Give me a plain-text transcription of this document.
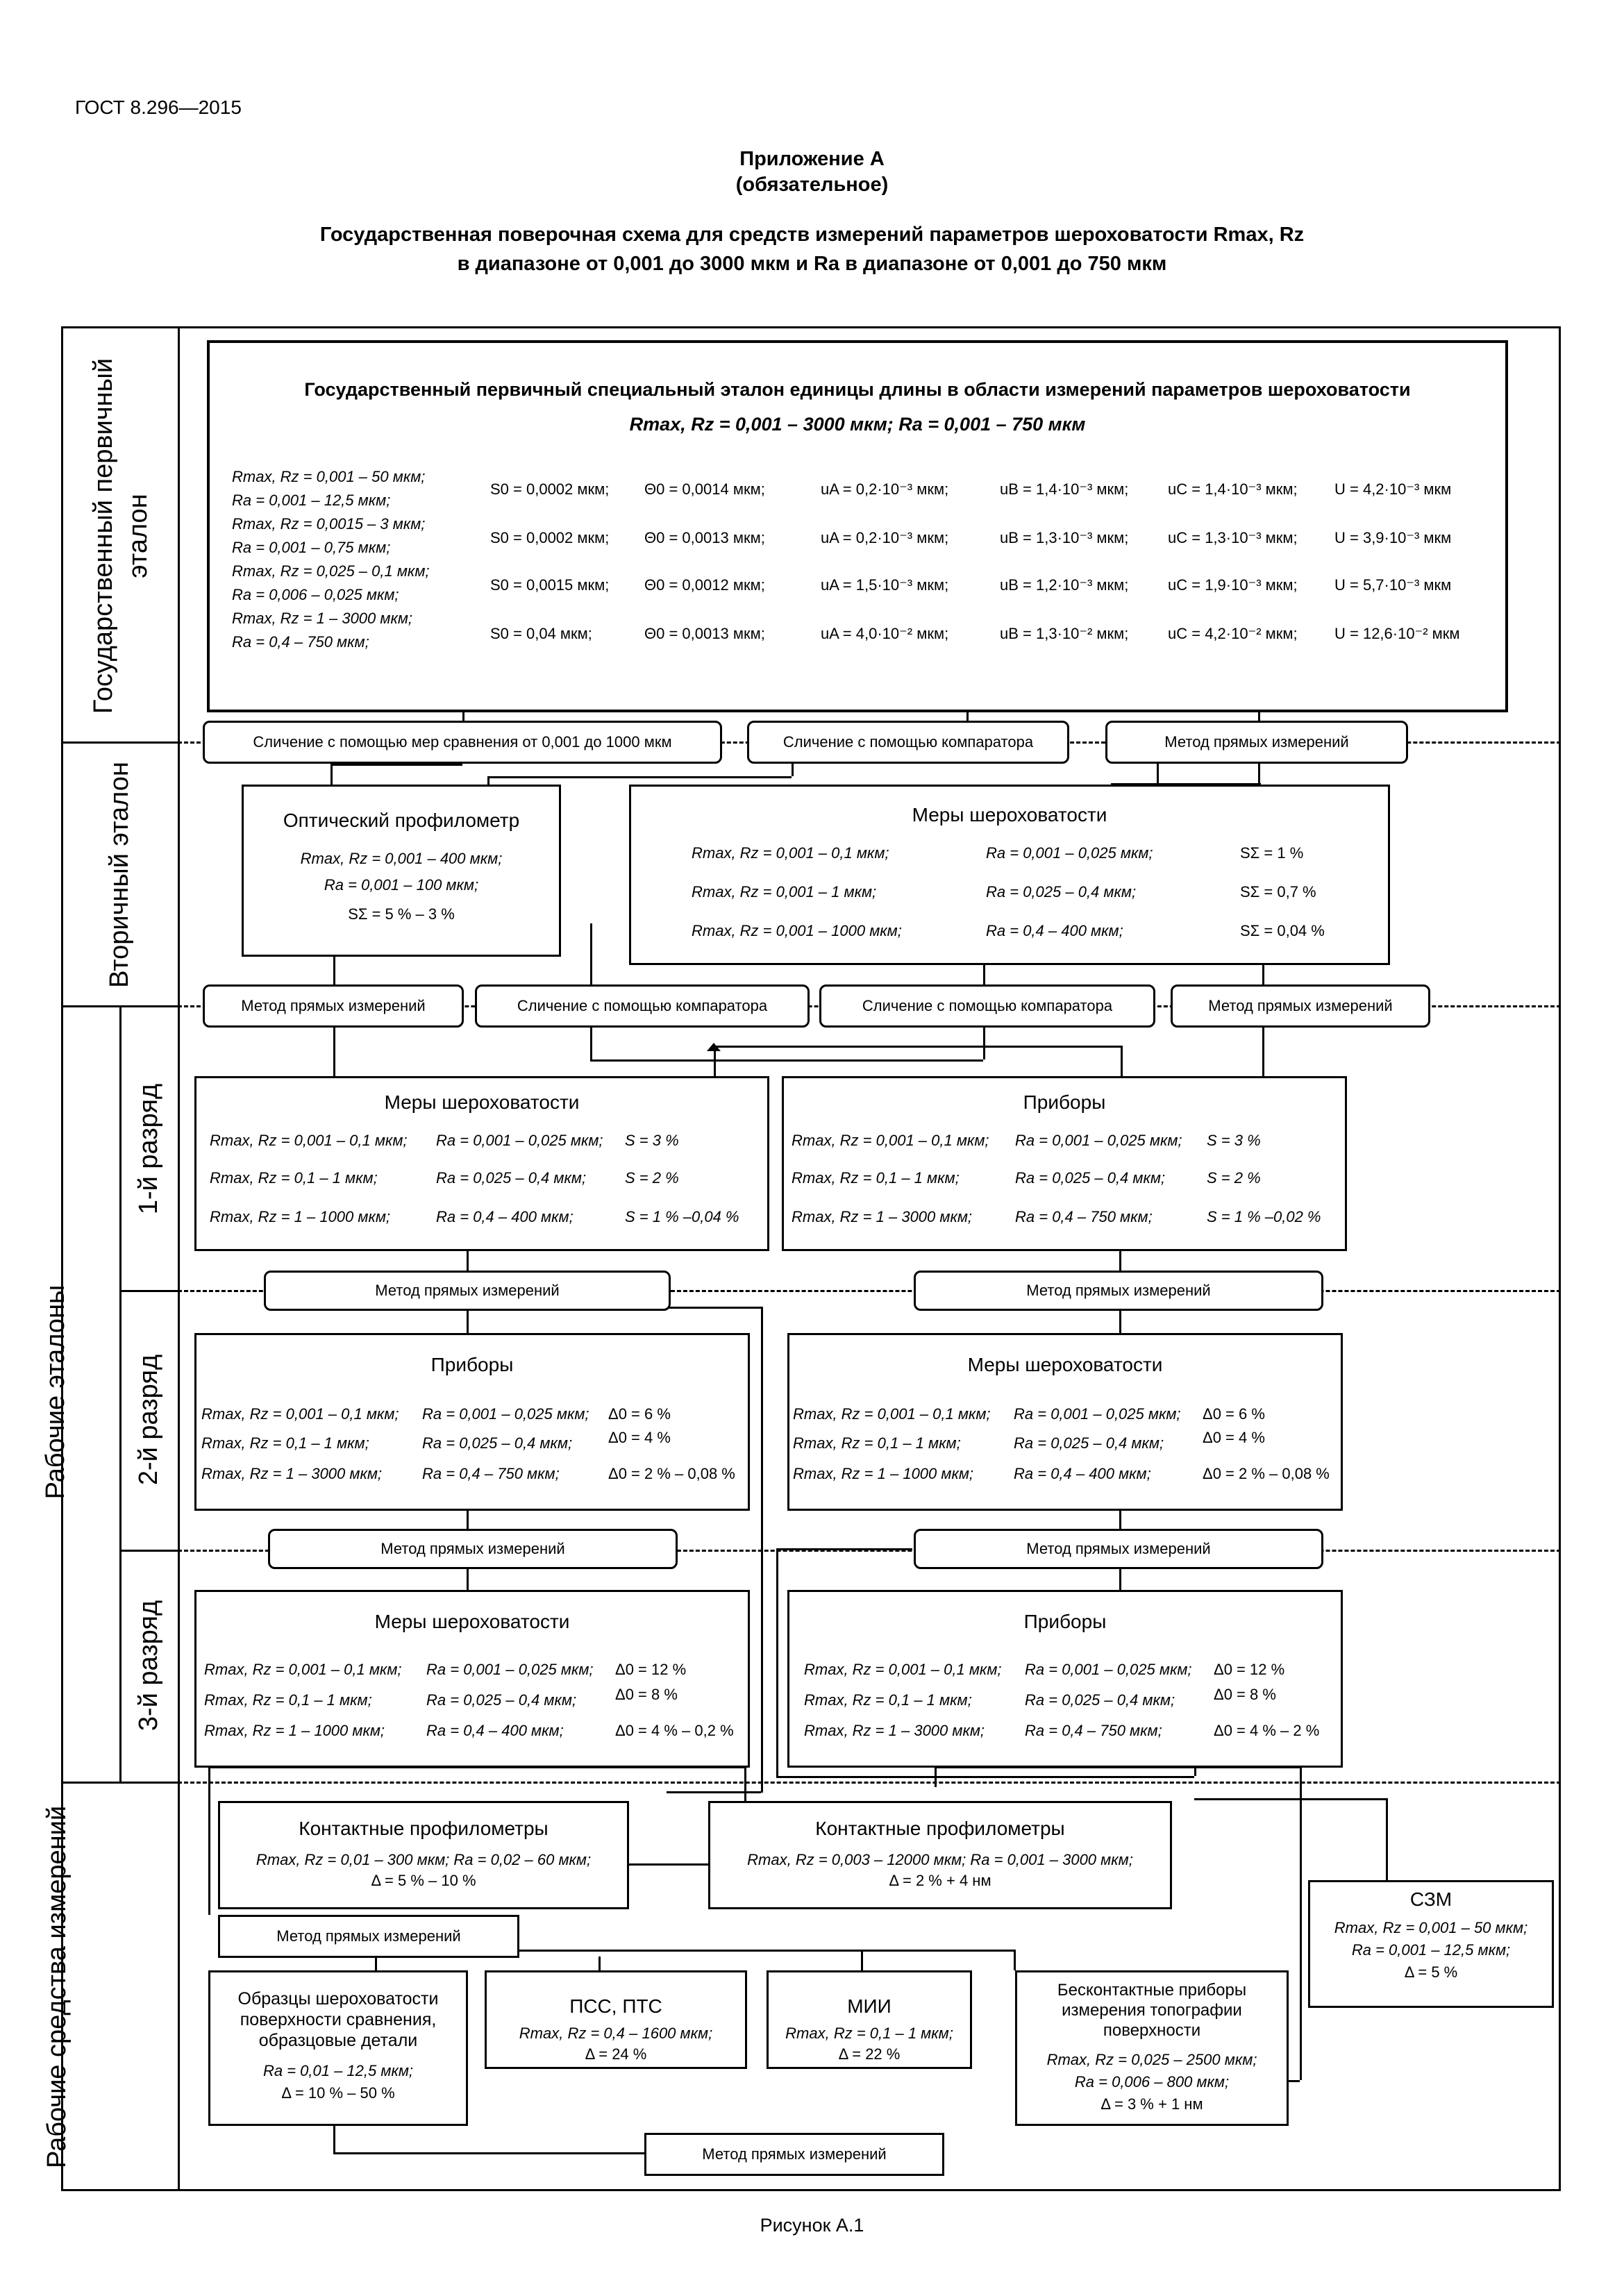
ГОСТ 8.296—2015
Приложение А
(обязательное)
Государственная поверочная схема для средств измерений параметров шероховатости Rmax, Rz
в диапазоне от 0,001 до 3000 мкм и Ra в диапазоне от 0,001 до 750 мкм
Государственный первичный эталон
Вторичный эталон
Рабочие эталоны
1-й разряд
2-й разряд
3-й разряд
Рабочие средства измерений
Государственный первичный специальный эталон единицы длины в области измерений параметров шероховатости
Rmax, Rz = 0,001 – 3000 мкм; Ra = 0,001 – 750 мкм
Rmax, Rz = 0,001 – 50 мкм;
Ra = 0,001 – 12,5 мкм;
Rmax, Rz = 0,0015 – 3 мкм;
Ra = 0,001 – 0,75 мкм;
Rmax, Rz = 0,025 – 0,1 мкм;
Ra = 0,006 – 0,025 мкм;
Rmax, Rz = 1 – 3000 мкм;
Ra = 0,4 – 750 мкм;
S0 = 0,0002 мкм; Θ0 = 0,0014 мкм;	uA = 0,2·10⁻³ мкм;	uB = 1,4·10⁻³ мкм;	uC = 1,4·10⁻³ мкм; U = 4,2·10⁻³ мкм
S0 = 0,0002 мкм; Θ0 = 0,0013 мкм;	uA = 0,2·10⁻³ мкм;	uB = 1,3·10⁻³ мкм;	uC = 1,3·10⁻³ мкм; U = 3,9·10⁻³ мкм
S0 = 0,0015 мкм; Θ0 = 0,0012 мкм;	uA = 1,5·10⁻³ мкм;	uB = 1,2·10⁻³ мкм;	uC = 1,9·10⁻³ мкм; U = 5,7·10⁻³ мкм
S0 = 0,04 мкм;	Θ0 = 0,0013 мкм;	uA = 4,0·10⁻² мкм;	uB = 1,3·10⁻² мкм;	uC = 4,2·10⁻² мкм; U = 12,6·10⁻² мкм
Сличение с помощью мер сравнения от 0,001 до 1000 мкм	Сличение с помощью компаратора	Метод прямых измерений
Оптический профилометр
Rmax, Rz = 0,001 – 400 мкм;
Ra = 0,001 – 100 мкм;
SΣ = 5 % – 3 %
Меры шероховатости
Rmax, Rz = 0,001 – 0,1 мкм;	Ra = 0,001 – 0,025 мкм;	SΣ = 1 %
Rmax, Rz = 0,001 – 1 мкм;	Ra = 0,025 – 0,4 мкм;	SΣ = 0,7 %
Rmax, Rz = 0,001 – 1000 мкм;	Ra = 0,4 – 400 мкм;	SΣ = 0,04 %
Метод прямых измерений	Сличение с помощью компаратора	Сличение с помощью компаратора	Метод прямых измерений
Меры шероховатости
Rmax, Rz = 0,001 – 0,1 мкм; Ra = 0,001 – 0,025 мкм; S = 3 %
Rmax, Rz = 0,1 – 1 мкм;	Ra = 0,025 – 0,4 мкм;	S = 2 %
Rmax, Rz = 1 – 1000 мкм;	Ra = 0,4 – 400 мкм;	S = 1 % –0,04 %
Приборы
Rmax, Rz = 0,001 – 0,1 мкм; Ra = 0,001 – 0,025 мкм; S = 3 %
Rmax, Rz = 0,1 – 1 мкм;	Ra = 0,025 – 0,4 мкм;	S = 2 %
Rmax, Rz = 1 – 3000 мкм;	Ra = 0,4 – 750 мкм;	S = 1 % –0,02 %
Метод прямых измерений	Метод прямых измерений
Приборы
Rmax, Rz = 0,001 – 0,1 мкм; Ra = 0,001 – 0,025 мкм; Δ0 = 6 %
Rmax, Rz = 0,1 – 1 мкм;	Ra = 0,025 – 0,4 мкм; Δ0 = 4 %
Rmax, Rz = 1 – 3000 мкм;	Ra = 0,4 – 750 мкм;	Δ0 = 2 % – 0,08 %
Меры шероховатости
Rmax, Rz = 0,001 – 0,1 мкм; Ra = 0,001 – 0,025 мкм; Δ0 = 6 %
Rmax, Rz = 0,1 – 1 мкм;	Ra = 0,025 – 0,4 мкм;	Δ0 = 4 %
Rmax, Rz = 1 – 1000 мкм;	Ra = 0,4 – 400 мкм;	Δ0 = 2 % – 0,08 %
Метод прямых измерений	Метод прямых измерений
Меры шероховатости
Rmax, Rz = 0,001 – 0,1 мкм; Ra = 0,001 – 0,025 мкм; Δ0 = 12 %
Rmax, Rz = 0,1 – 1 мкм;	Ra = 0,025 – 0,4 мкм;	Δ0 = 8 %
Rmax, Rz = 1 – 1000 мкм;	Ra = 0,4 – 400 мкм;	Δ0 = 4 % – 0,2 %
Приборы
Rmax, Rz = 0,001 – 0,1 мкм; Ra = 0,001 – 0,025 мкм; Δ0 = 12 %
Rmax, Rz = 0,1 – 1 мкм;	Ra = 0,025 – 0,4 мкм;	Δ0 = 8 %
Rmax, Rz = 1 – 3000 мкм;	Ra = 0,4 – 750 мкм;	Δ0 = 4 % – 2 %
Контактные профилометры
Rmax, Rz = 0,01 – 300 мкм; Ra = 0,02 – 60 мкм;
Δ = 5 % – 10 %
Контактные профилометры
Rmax, Rz = 0,003 – 12000 мкм; Ra = 0,001 – 3000 мкм;
Δ = 2 % + 4 нм
СЗМ
Rmax, Rz = 0,001 – 50 мкм;
Ra = 0,001 – 12,5 мкм;
Δ = 5 %
Метод прямых измерений
Образцы шероховатости
поверхности сравнения,
образцовые детали
Ra = 0,01 – 12,5 мкм;
Δ = 10 % – 50 %
ПСС, ПТС
Rmax, Rz = 0,4 – 1600 мкм;
Δ = 24 %
МИИ
Rmax, Rz = 0,1 – 1 мкм;
Δ = 22 %
Бесконтактные приборы
измерения топографии
поверхности
Rmax, Rz = 0,025 – 2500 мкм;
Ra = 0,006 – 800 мкм;
Δ = 3 % + 1 нм
Метод прямых измерений
Рисунок А.1
